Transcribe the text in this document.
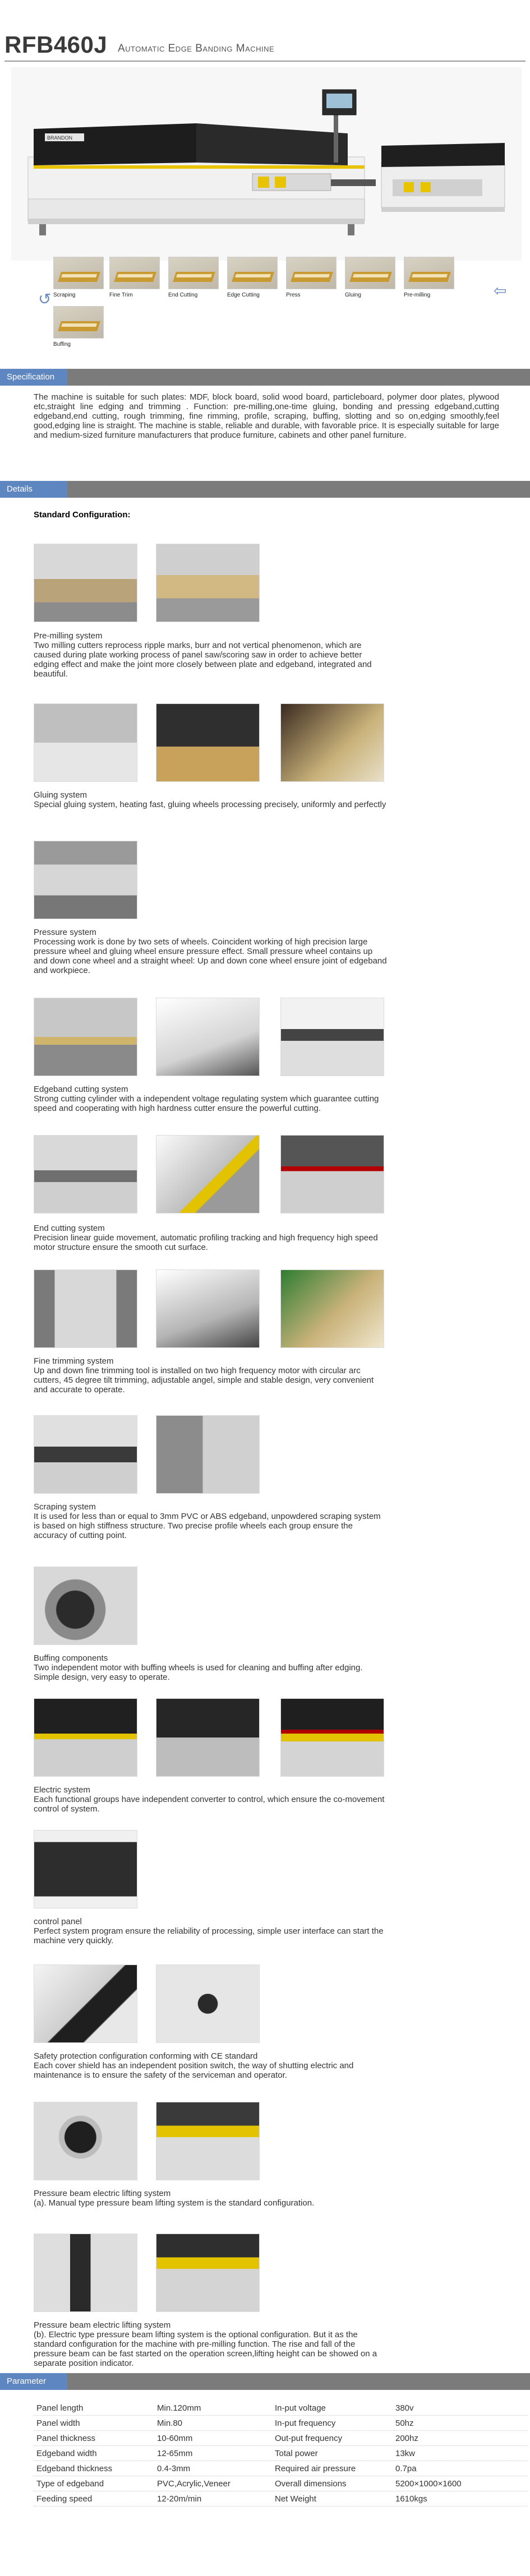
RFB460J Automatic Edge Banding Machine
BRANDON
↺	⇦
Scraping	Fine Trim	End Cutting	Edge Cutting	Press	Gluing	Pre-milling
Buffing
Specification
The machine is suitable for such plates: MDF, block board, solid wood board, particleboard, polymer door plates, plywood etc,straight line edging and trimming . Function: pre-milling,one-time gluing, bonding and pressing edgeband,cutting edgeband,end cutting, rough trimming, fine rimming, profile, scraping, buffing, slotting and so on,edging smoothly,feel good,edging line is straight. The machine is stable, reliable and durable, with favorable price. It is especially suitable for large and medium-sized furniture manufacturers that produce furniture, cabinets and other panel furniture.
Details
Standard Configuration:
Pre-milling system
Two milling cutters reprocess ripple marks, burr and not vertical phenomenon, which are caused during plate working process of panel saw/scoring saw in order to achieve better edging effect and make the joint more closely between plate and edgeband, integrated and beautiful.
Gluing system
Special gluing system, heating fast, gluing wheels processing precisely, uniformly and perfectly
Pressure system
Processing work is done by two sets of wheels. Coincident working of high precision large pressure wheel and gluing wheel ensure pressure effect. Small pressure wheel contains up and down cone wheel and a straight wheel: Up and down cone wheel ensure joint of edgeband and workpiece.
Edgeband cutting system
Strong cutting cylinder with a independent voltage regulating system which guarantee cutting speed and cooperating with high hardness cutter ensure the powerful cutting.
End cutting system
Precision linear guide movement, automatic profiling tracking and high frequency high speed motor structure ensure the smooth cut surface.
Fine trimming system
Up and down fine trimming tool is installed on two high frequency motor with circular arc cutters, 45 degree tilt trimming, adjustable angel, simple and stable design, very convenient and accurate to operate.
Scraping system
It is used for less than or equal to 3mm PVC or ABS edgeband, unpowdered scraping system is based on high stiffness structure. Two precise profile wheels each group ensure the accuracy of cutting point.
Buffing components
Two independent motor with buffing wheels is used for cleaning and buffing after edging. Simple design, very easy to operate.
Electric system
Each functional groups have independent converter to control, which ensure the co-movement control of system.
control panel
Perfect system program ensure the reliability of processing, simple user interface can start the machine very quickly.
Safety protection configuration conforming with CE standard
Each cover shield has an independent position switch, the way of shutting electric and maintenance is to ensure the safety of the serviceman and operator.
Pressure beam electric lifting system
(a). Manual type pressure beam lifting system is the standard configuration.
Pressure beam electric lifting system
(b). Electric type pressure beam lifting system is the optional configuration. But it as the standard configuration for the machine with pre-milling function. The rise and fall of the pressure beam can be fast started on the operation screen,lifting height can be showed on a separate position indicator.
Parameter
Panel length	Min.120mm	In-put voltage	380v
Panel width	Min.80	In-put frequency	50hz
Panel thickness	10-60mm	Out-put frequency	200hz
Edgeband width	12-65mm	Total power	13kw
Edgeband thickness	0.4-3mm	Required air pressure	0.7pa
Type of edgeband	PVC,Acrylic,Veneer	Overall dimensions	5200×1000×1600
Feeding speed	12-20m/min	Net Weight	1610kgs
